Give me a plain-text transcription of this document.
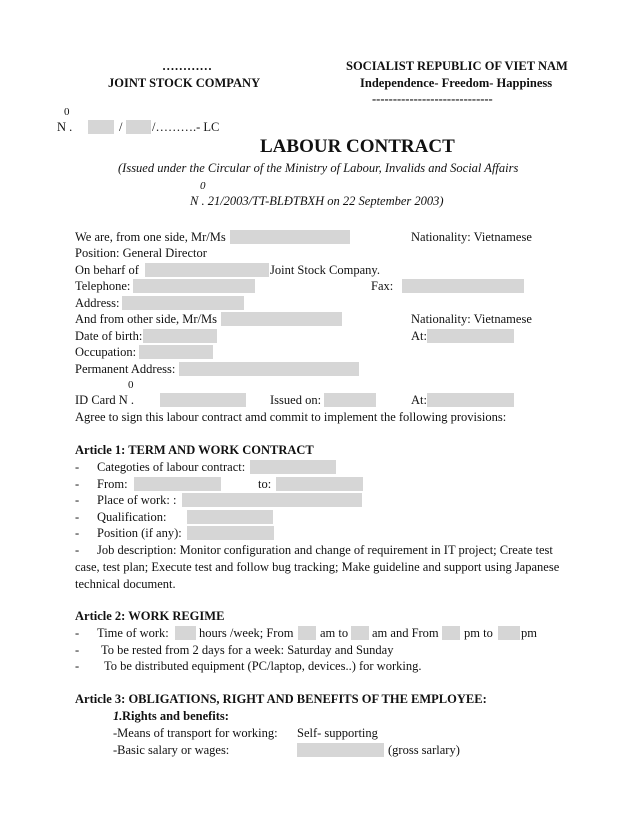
…………
JOINT STOCK COMPANY
SOCIALIST REPUBLIC OF VIET NAM
Independence- Freedom- Happiness
-----------------------------
0
N .	/ /……….- LC
LABOUR CONTRACT
(Issued under the Circular of the Ministry of Labour, Invalids and Social Affairs
0
N . 21/2003/TT-BLĐTBXH on 22 September 2003)
We are, from one side, Mr/Ms	Nationality: Vietnamese
Position: General Director
On beharf of	Joint Stock Company.
Telephone:	Fax:
Address:
And from other side, Mr/Ms	Nationality: Vietnamese
Date of birth:	At:
Occupation:
Permanent Address:
0
ID Card N .	Issued on:	At:
Agree to sign this labour contract amd commit to implement the following provisions:
Article 1: TERM AND WORK CONTRACT
- Categoties of labour contract:
- From:	to:
- Place of work: :
- Qualification:
- Position (if any):
- Job description: Monitor configuration and change of requirement in IT project; Create test
case, test plan; Execute test and follow bug tracking; Make guideline and support using Japanese
technical document.
Article 2: WORK REGIME
- Time of work: hours /week; From am to am and From pm to pm
- To be rested from 2 days for a week: Saturday and Sunday
- To be distributed equipment (PC/laptop, devices..) for working.
Article 3: OBLIGATIONS, RIGHT AND BENEFITS OF THE EMPLOYEE:
1. Rights and benefits:
-Means of transport for working: Self- supporting
-Basic salary or wages:	(gross sarlary)
